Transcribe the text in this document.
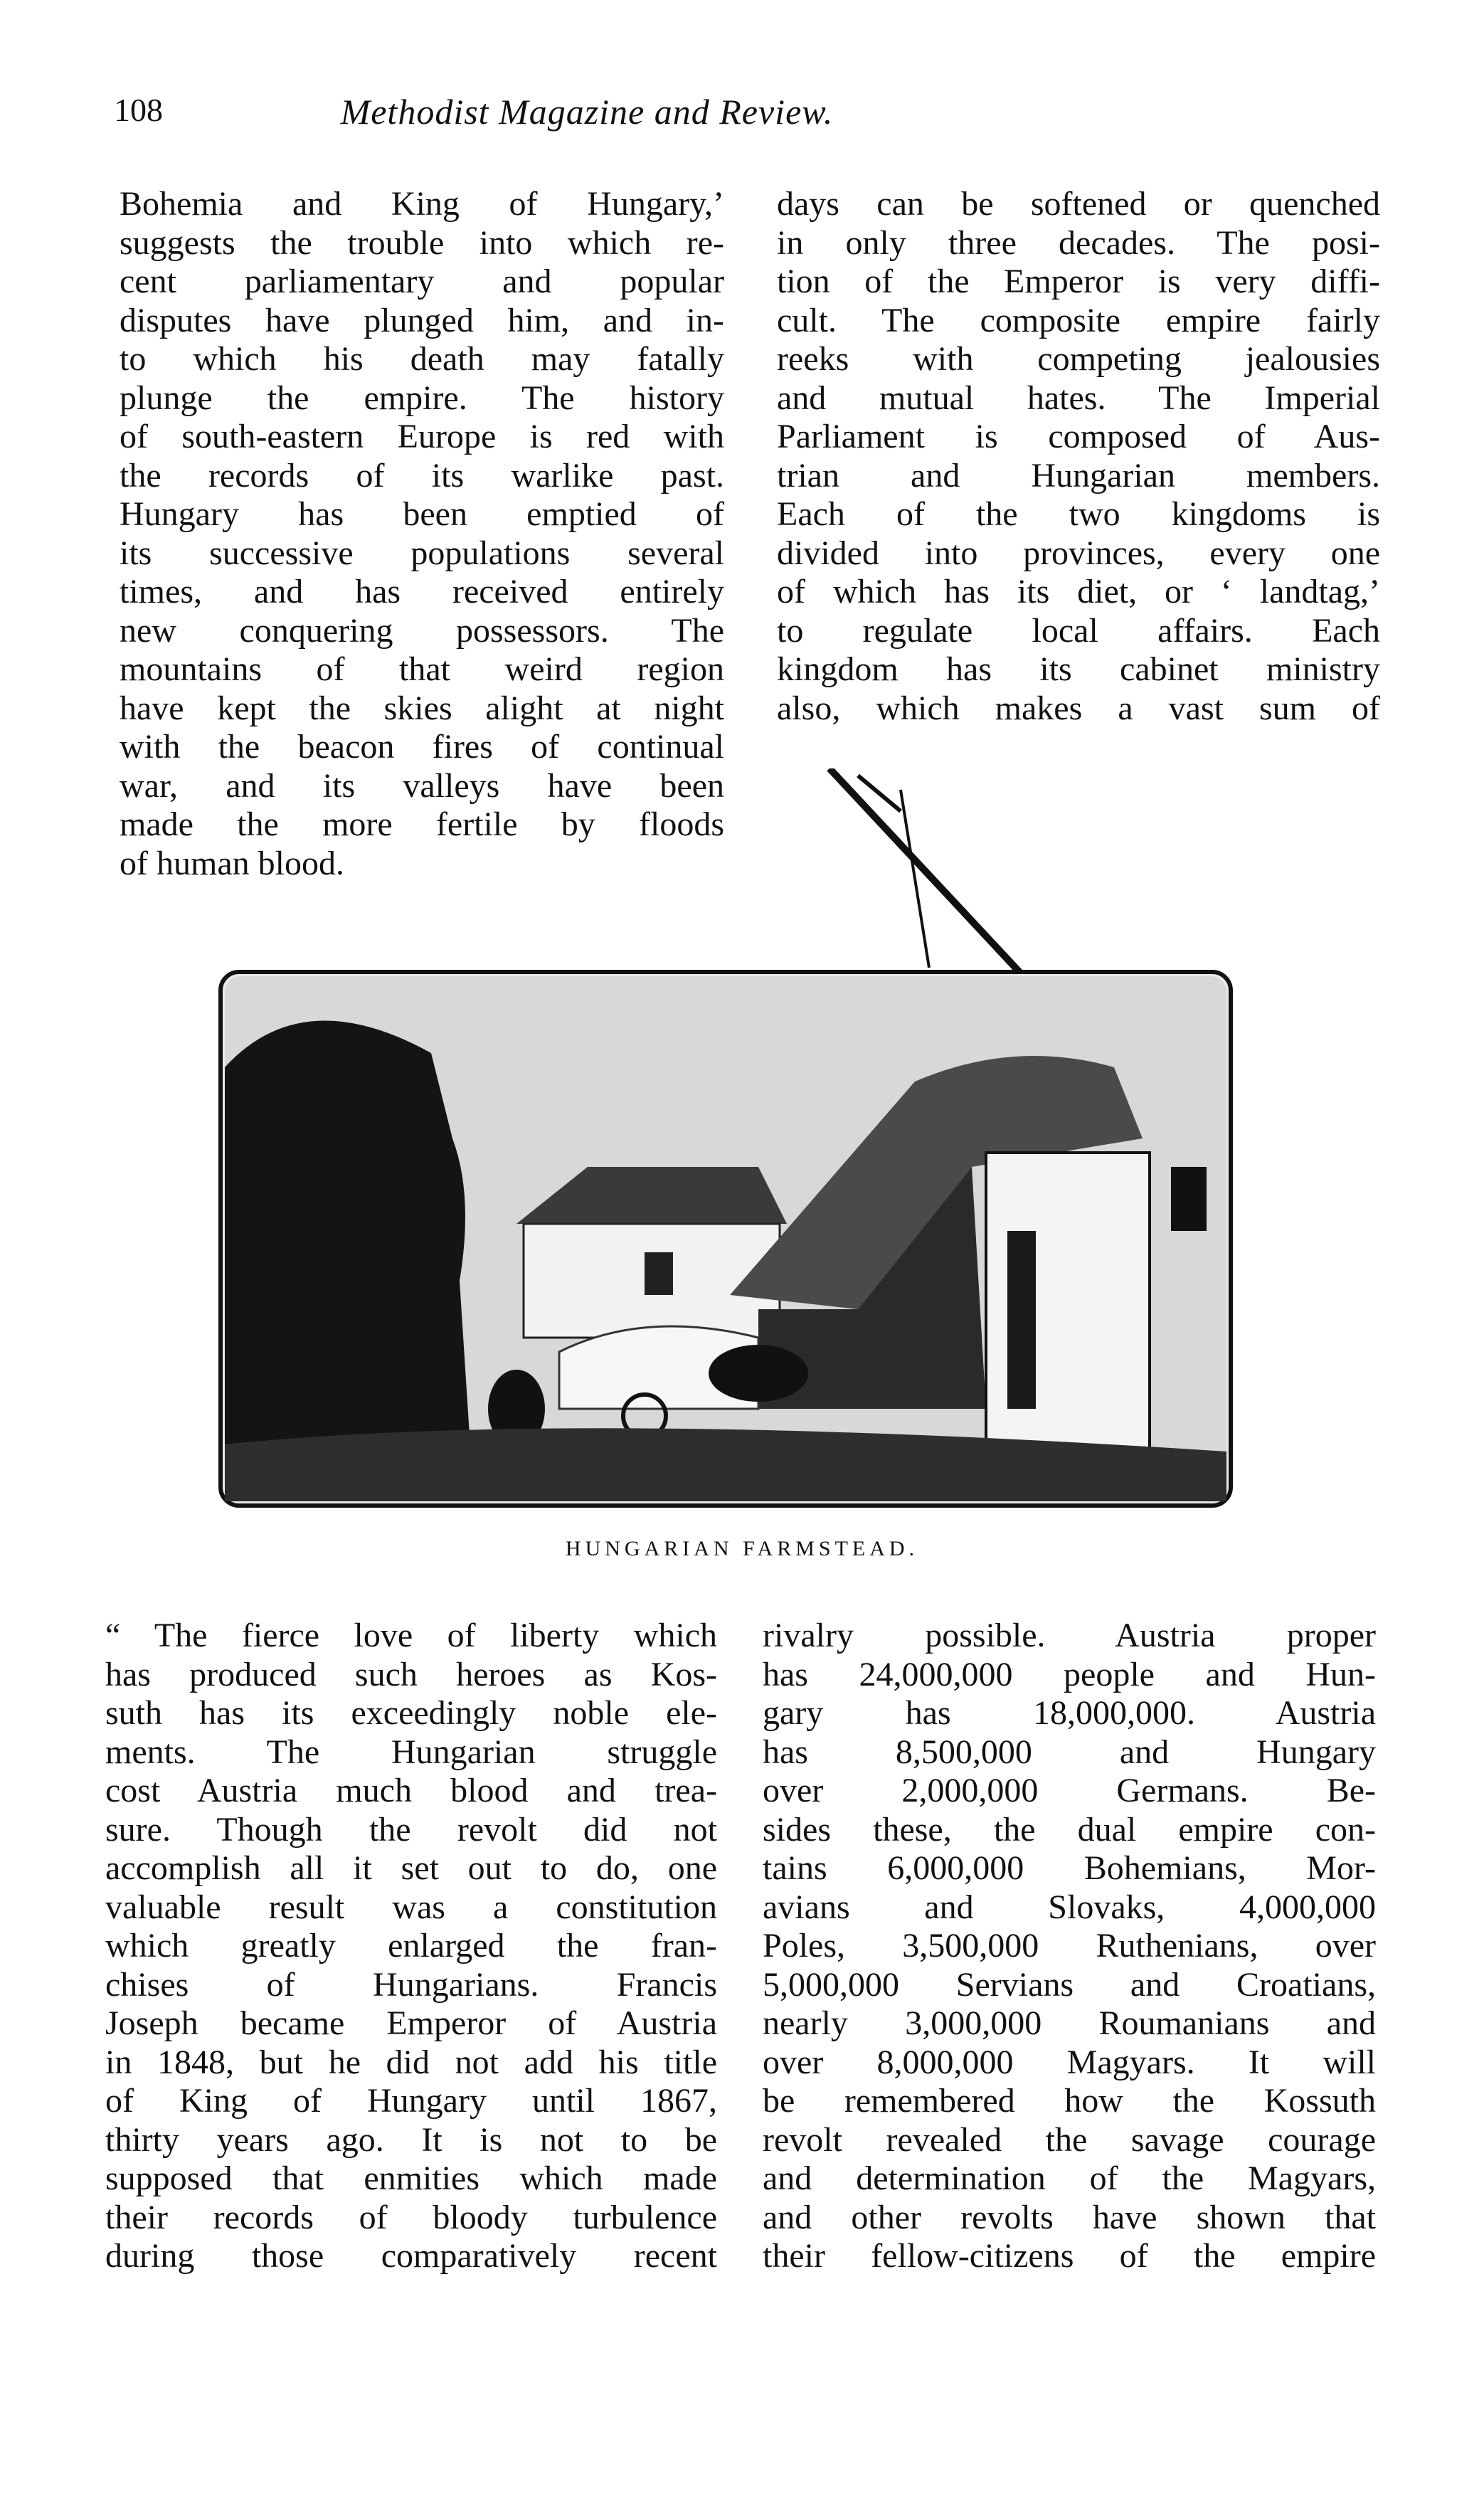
108	Methodist Magazine and Review.
Bohemia and King of Hungary,’
suggests the trouble into which re-
cent parliamentary and popular
disputes have plunged him, and in-
to which his death may fatally
plunge the empire. The history
of south-eastern Europe is red with
the records of its warlike past.
Hungary has been emptied of
its successive populations several
times, and has received entirely
new conquering possessors. The
mountains of that weird region
have kept the skies alight at night
with the beacon fires of continual
war, and its valleys have been
made the more fertile by floods
of human blood.
days can be softened or quenched
in only three decades. The posi-
tion of the Emperor is very diffi-
cult. The composite empire fairly
reeks with competing jealousies
and mutual hates. The Imperial
Parliament is composed of Aus-
trian and Hungarian members.
Each of the two kingdoms is
divided into provinces, every one
of which has its diet, or ‘ landtag,’
to regulate local affairs. Each
kingdom has its cabinet ministry
also, which makes a vast sum of
HUNGARIAN FARMSTEAD.
“ The fierce love of liberty which
has produced such heroes as Kos-
suth has its exceedingly noble ele-
ments. The Hungarian struggle
cost Austria much blood and trea-
sure. Though the revolt did not
accomplish all it set out to do, one
valuable result was a constitution
which greatly enlarged the fran-
chises of Hungarians. Francis
Joseph became Emperor of Austria
in 1848, but he did not add his title
of King of Hungary until 1867,
thirty years ago. It is not to be
supposed that enmities which made
their records of bloody turbulence
during those comparatively recent
rivalry possible. Austria proper
has 24,000,000 people and Hun-
gary has 18,000,000. Austria
has 8,500,000 and Hungary
over 2,000,000 Germans. Be-
sides these, the dual empire con-
tains 6,000,000 Bohemians, Mor-
avians and Slovaks, 4,000,000
Poles, 3,500,000 Ruthenians, over
5,000,000 Servians and Croatians,
nearly 3,000,000 Roumanians and
over 8,000,000 Magyars. It will
be remembered how the Kossuth
revolt revealed the savage courage
and determination of the Magyars,
and other revolts have shown that
their fellow-citizens of the empire
